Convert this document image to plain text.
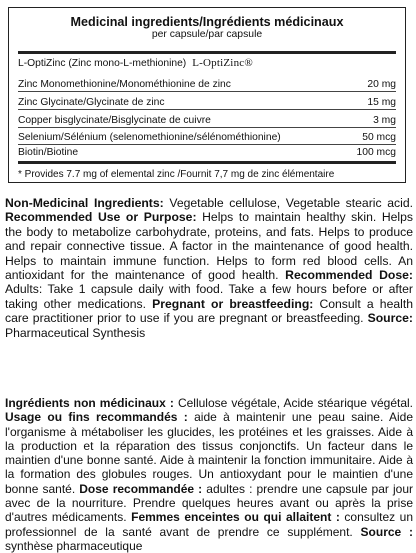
Medicinal ingredients/Ingrédients médicinaux
per capsule/par capsule
L-OptiZinc (Zinc mono-L-methionine) L-OptiZinc®
Zinc Monomethionine/Monométhionine de zinc	20 mg
Zinc Glycinate/Glycinate de zinc	15 mg
Copper bisglycinate/Bisglycinate de cuivre	3 mg
Selenium/Sélénium (selenomethionine/sélénométhionine)	50 mcg
Biotin/Biotine	100 mcg
* Provides 7.7 mg of elemental zinc /Fournit 7,7 mg de zinc élémentaire
Non-Medicinal Ingredients: Vegetable cellulose, Vegetable stearic acid. Recommended Use or Purpose: Helps to maintain healthy skin. Helps the body to metabolize carbohydrate, proteins, and fats. Helps to produce and repair connective tissue. A factor in the maintenance of good health. Helps to maintain immune function. Helps to form red blood cells. An antioxidant for the maintenance of good health. Recommended Dose: Adults: Take 1 capsule daily with food. Take a few hours before or after taking other medications. Pregnant or breastfeeding: Consult a health care practitioner prior to use if you are pregnant or breastfeeding. Source: Pharmaceutical Synthesis
Ingrédients non médicinaux : Cellulose végétale, Acide stéarique végétal. Usage ou fins recommandés : aide à maintenir une peau saine. Aide l'organisme à métaboliser les glucides, les protéines et les graisses. Aide à la production et la réparation des tissus conjonctifs. Un facteur dans le maintien d'une bonne santé. Aide à maintenir la fonction immunitaire. Aide à la formation des globules rouges. Un antioxydant pour le maintien d'une bonne santé. Dose recommandée : adultes : prendre une capsule par jour avec de la nourriture. Prendre quelques heures avant ou après la prise d'autres médicaments. Femmes enceintes ou qui allaitent : consultez un professionnel de la santé avant de prendre ce supplément. Source : synthèse pharmaceutique
